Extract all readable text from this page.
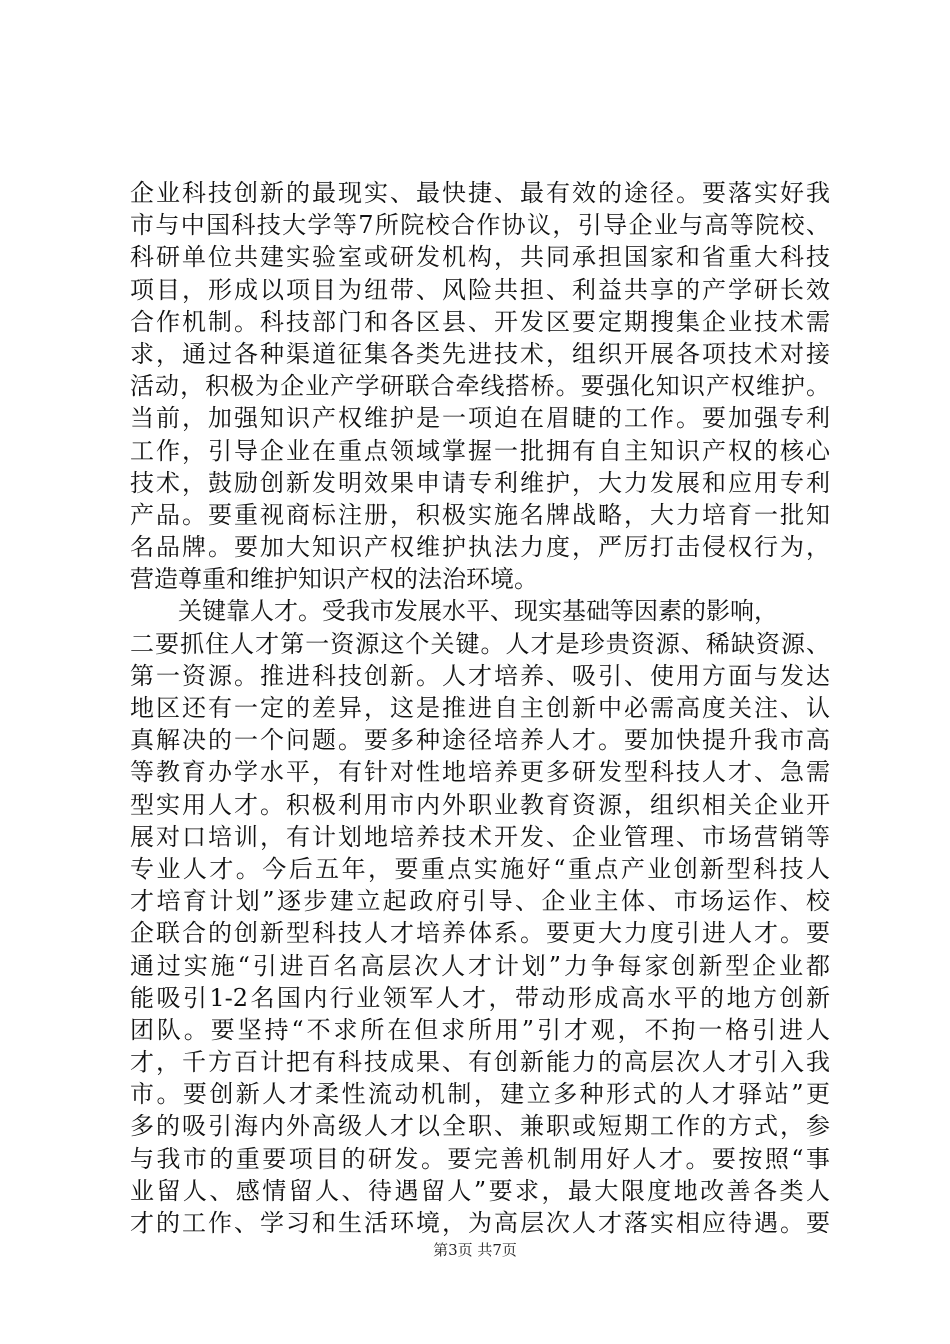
企业科技创新的最现实、最快捷、最有效的途径。要落实好我
市与中国科技大学等7所院校合作协议，引导企业与高等院校、
科研单位共建实验室或研发机构，共同承担国家和省重大科技
项目，形成以项目为纽带、风险共担、利益共享的产学研长效
合作机制。科技部门和各区县、开发区要定期搜集企业技术需
求，通过各种渠道征集各类先进技术，组织开展各项技术对接
活动，积极为企业产学研联合牵线搭桥。要强化知识产权维护。
当前，加强知识产权维护是一项迫在眉睫的工作。要加强专利
工作，引导企业在重点领域掌握一批拥有自主知识产权的核心
技术，鼓励创新发明效果申请专利维护，大力发展和应用专利
产品。要重视商标注册，积极实施名牌战略，大力培育一批知
名品牌。要加大知识产权维护执法力度，严厉打击侵权行为，
营造尊重和维护知识产权的法治环境。
关键靠人才。受我市发展水平、现实基础等因素的影响，
二要抓住人才第一资源这个关键。人才是珍贵资源、稀缺资源、
第一资源。推进科技创新。人才培养、吸引、使用方面与发达
地区还有一定的差异，这是推进自主创新中必需高度关注、认
真解决的一个问题。要多种途径培养人才。要加快提升我市高
等教育办学水平，有针对性地培养更多研发型科技人才、急需
型实用人才。积极利用市内外职业教育资源，组织相关企业开
展对口培训，有计划地培养技术开发、企业管理、市场营销等
专业人才。今后五年，要重点实施好“重点产业创新型科技人
才培育计划”逐步建立起政府引导、企业主体、市场运作、校
企联合的创新型科技人才培养体系。要更大力度引进人才。要
通过实施“引进百名高层次人才计划”力争每家创新型企业都
能吸引1-2名国内行业领军人才，带动形成高水平的地方创新
团队。要坚持“不求所在但求所用”引才观，不拘一格引进人
才，千方百计把有科技成果、有创新能力的高层次人才引入我
市。要创新人才柔性流动机制，建立多种形式的人才驿站”更
多的吸引海内外高级人才以全职、兼职或短期工作的方式，参
与我市的重要项目的研发。要完善机制用好人才。要按照“事
业留人、感情留人、待遇留人”要求，最大限度地改善各类人
才的工作、学习和生活环境，为高层次人才落实相应待遇。要
第3页 共7页
